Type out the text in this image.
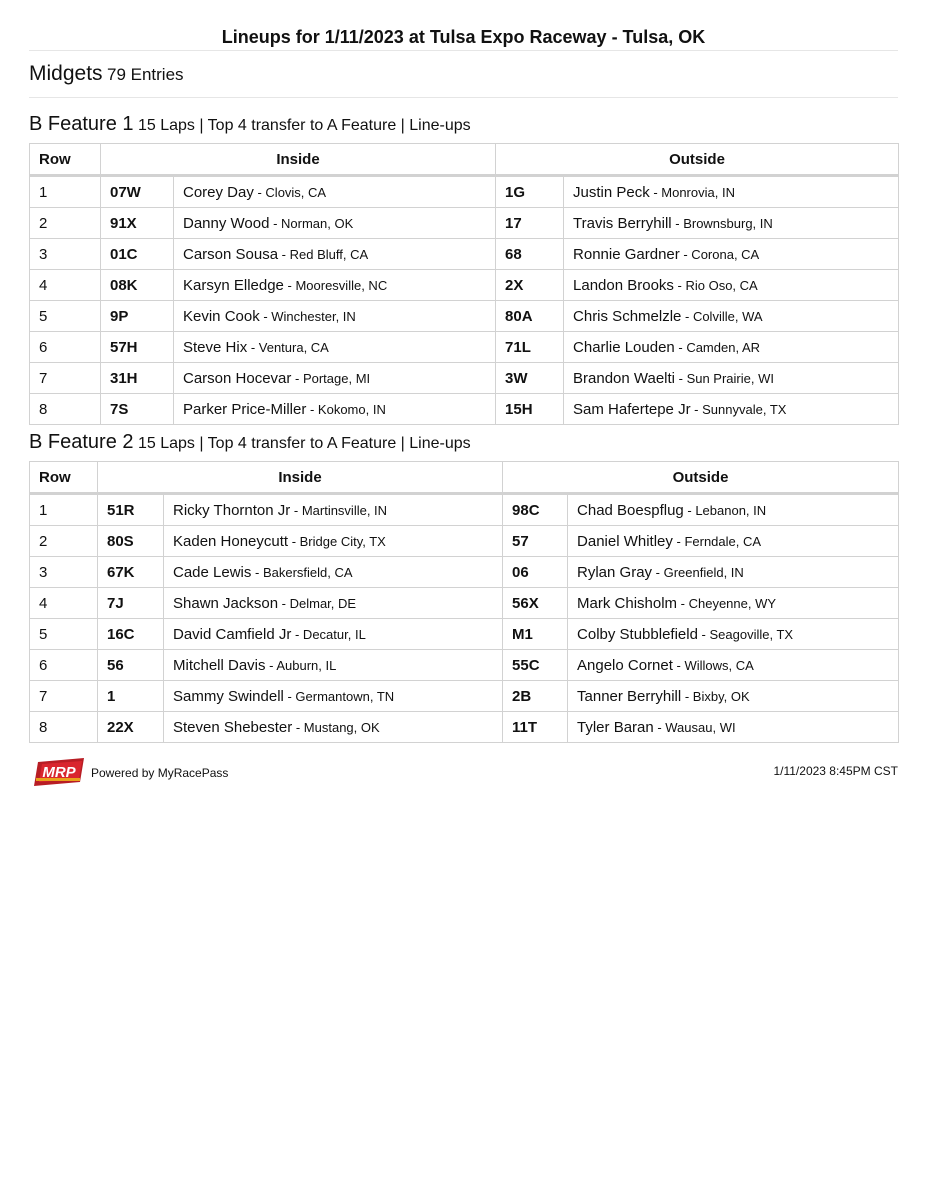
Lineups for 1/11/2023 at Tulsa Expo Raceway - Tulsa, OK
Midgets 79 Entries
B Feature 1 15 Laps | Top 4 transfer to A Feature | Line-ups
Row	Inside		Outside	
1	07W	Corey Day - Clovis, CA	1G	Justin Peck - Monrovia, IN
2	91X	Danny Wood - Norman, OK	17	Travis Berryhill - Brownsburg, IN
3	01C	Carson Sousa - Red Bluff, CA	68	Ronnie Gardner - Corona, CA
4	08K	Karsyn Elledge - Mooresville, NC	2X	Landon Brooks - Rio Oso, CA
5	9P	Kevin Cook - Winchester, IN	80A	Chris Schmelzle - Colville, WA
6	57H	Steve Hix - Ventura, CA	71L	Charlie Louden - Camden, AR
7	31H	Carson Hocevar - Portage, MI	3W	Brandon Waelti - Sun Prairie, WI
8	7S	Parker Price-Miller - Kokomo, IN	15H	Sam Hafertepe Jr - Sunnyvale, TX
B Feature 2 15 Laps | Top 4 transfer to A Feature | Line-ups
Row	Inside		Outside	
1	51R	Ricky Thornton Jr - Martinsville, IN	98C	Chad Boespflug - Lebanon, IN
2	80S	Kaden Honeycutt - Bridge City, TX	57	Daniel Whitley - Ferndale, CA
3	67K	Cade Lewis - Bakersfield, CA	06	Rylan Gray - Greenfield, IN
4	7J	Shawn Jackson - Delmar, DE	56X	Mark Chisholm - Cheyenne, WY
5	16C	David Camfield Jr - Decatur, IL	M1	Colby Stubblefield - Seagoville, TX
6	56	Mitchell Davis - Auburn, IL	55C	Angelo Cornet - Willows, CA
7	1	Sammy Swindell - Germantown, TN	2B	Tanner Berryhill - Bixby, OK
8	22X	Steven Shebester - Mustang, OK	11T	Tyler Baran - Wausau, WI
MRP Powered by MyRacePass	1/11/2023 8:45PM CST
